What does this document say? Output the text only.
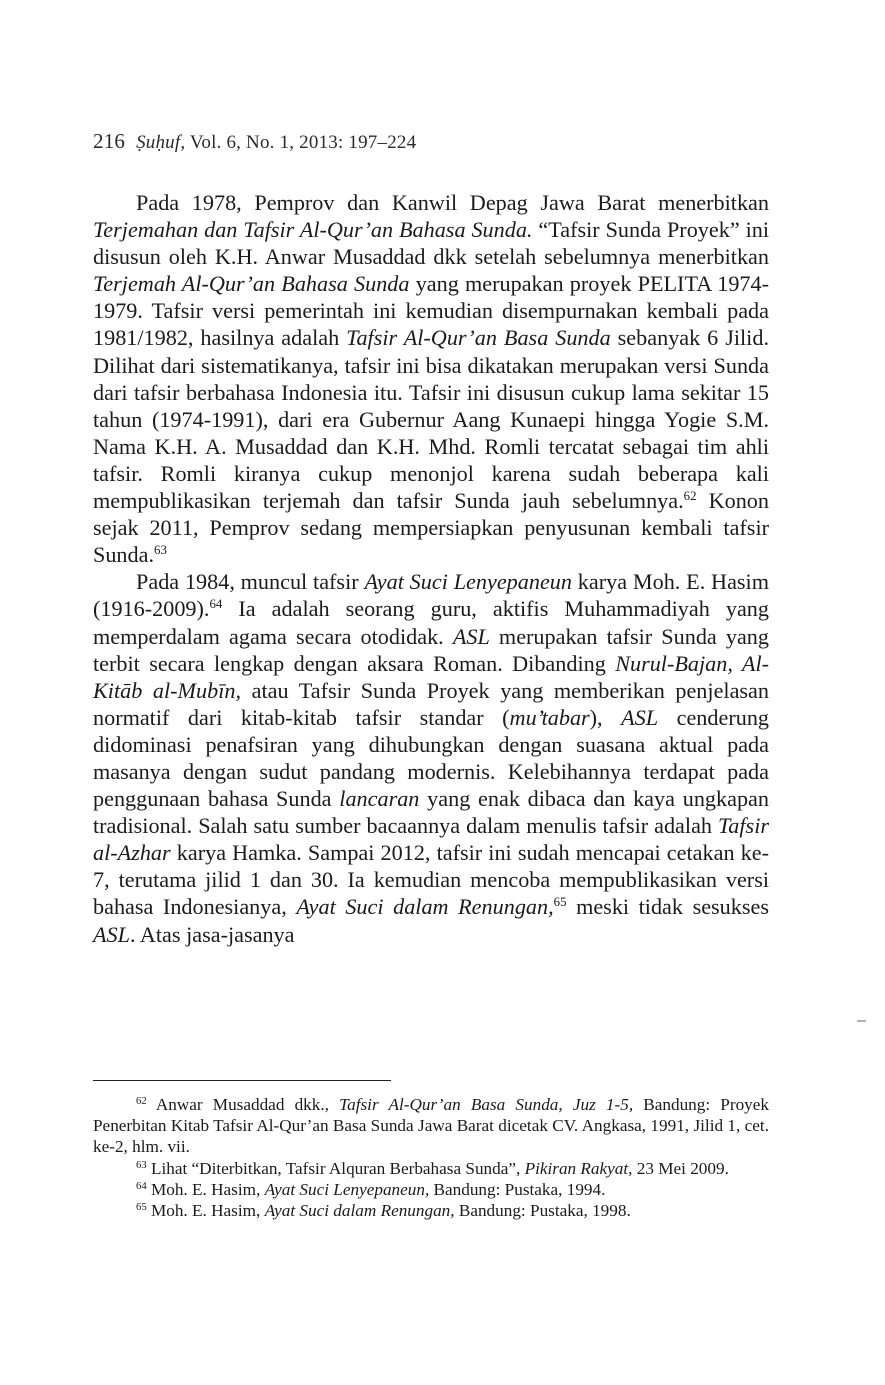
216 Ṣuḥuf, Vol. 6, No. 1, 2013: 197–224

Pada 1978, Pemprov dan Kanwil Depag Jawa Barat menerbitkan Terjemahan dan Tafsir Al-Qur’an Bahasa Sunda. “Tafsir Sunda Proyek” ini disusun oleh K.H. Anwar Musaddad dkk setelah sebelumnya menerbitkan Terjemah Al-Qur’an Bahasa Sunda yang merupakan proyek PELITA 1974-1979. Tafsir versi pemerintah ini kemudian disempurnakan kembali pada 1981/1982, hasilnya adalah Tafsir Al-Qur’an Basa Sunda sebanyak 6 Jilid. Dilihat dari sistematikanya, tafsir ini bisa dikatakan merupakan versi Sunda dari tafsir berbahasa Indonesia itu. Tafsir ini disusun cukup lama sekitar 15 tahun (1974-1991), dari era Gubernur Aang Kunaepi hingga Yogie S.M. Nama K.H. A. Musaddad dan K.H. Mhd. Romli tercatat sebagai tim ahli tafsir. Romli kiranya cukup menonjol karena sudah beberapa kali mempublikasikan terjemah dan tafsir Sunda jauh sebelumnya.$^{62}$ Konon sejak 2011, Pemprov sedang mempersiapkan penyusunan kembali tafsir Sunda.$^{63}$

Pada 1984, muncul tafsir Ayat Suci Lenyepaneun karya Moh. E. Hasim (1916-2009).$^{64}$ Ia adalah seorang guru, aktifis Muhammadiyah yang memperdalam agama secara otodidak. ASL merupakan tafsir Sunda yang terbit secara lengkap dengan aksara Roman. Dibanding Nurul-Bajan, Al-Kitāb al-Mubīn, atau Tafsir Sunda Proyek yang memberikan penjelasan normatif dari kitab-kitab tafsir standar (mu’tabar), ASL cenderung didominasi penafsiran yang dihubungkan dengan suasana aktual pada masanya dengan sudut pandang modernis. Kelebihannya terdapat pada penggunaan bahasa Sunda lancaran yang enak dibaca dan kaya ungkapan tradisional. Salah satu sumber bacaannya dalam menulis tafsir adalah Tafsir al-Azhar karya Hamka. Sampai 2012, tafsir ini sudah mencapai cetakan ke-7, terutama jilid 1 dan 30. Ia kemudian mencoba mempublikasikan versi bahasa Indonesianya, Ayat Suci dalam Renungan,$^{65}$ meski tidak sesukses ASL. Atas jasa-jasanya

$^{62}$ Anwar Musaddad dkk., Tafsir Al-Qur’an Basa Sunda, Juz 1-5, Bandung: Proyek Penerbitan Kitab Tafsir Al-Qur’an Basa Sunda Jawa Barat dicetak CV. Angkasa, 1991, Jilid 1, cet. ke-2, hlm. vii.

$^{63}$ Lihat “Diterbitkan, Tafsir Alquran Berbahasa Sunda”, Pikiran Rakyat, 23 Mei 2009.

$^{64}$ Moh. E. Hasim, Ayat Suci Lenyepaneun, Bandung: Pustaka, 1994.

$^{65}$ Moh. E. Hasim, Ayat Suci dalam Renungan, Bandung: Pustaka, 1998.
